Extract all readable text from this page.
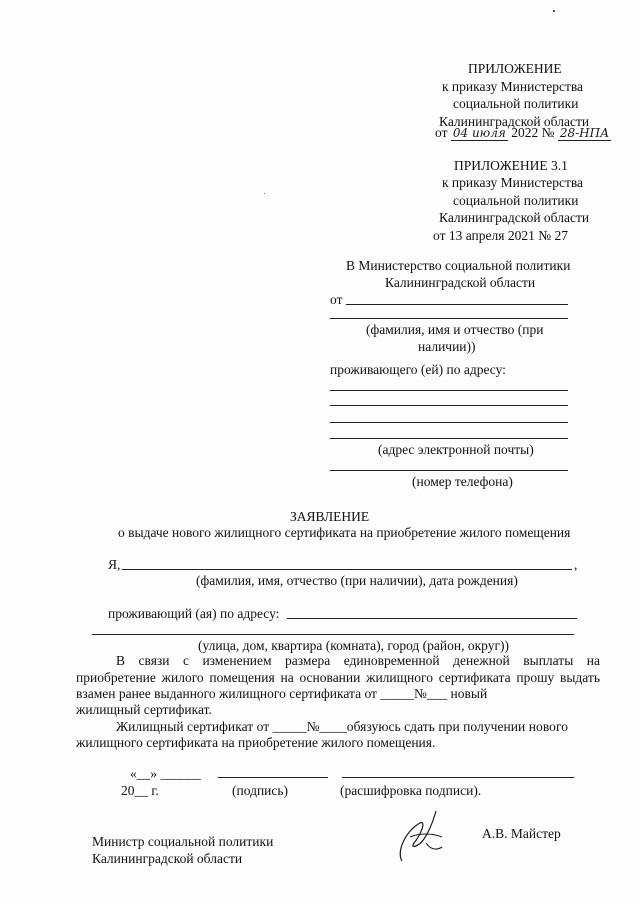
ПРИЛОЖЕНИЕ
к приказу Министерства
социальной политики
Калининградской области
от 04 июля 2022 № 28-НПА
ПРИЛОЖЕНИЕ 3.1
к приказу Министерства
социальной политики
Калининградской области
от 13 апреля 2021 № 27
В Министерство социальной политики
Калининградской области
от
(фамилия, имя и отчество (при
наличии))
проживающего (ей) по адресу:
(адрес электронной почты)
(номер телефона)
ЗАЯВЛЕНИЕ
о выдаче нового жилищного сертификата на приобретение жилого помещения
Я,	,
(фамилия, имя, отчество (при наличии), дата рождения)
проживающий (ая) по адресу:
(улица, дом, квартира (комната), город (район, округ))
В связи с изменением размера единовременной денежной выплаты на приобретение жилого помещения на основании жилищного сертификата прошу выдать взамен ранее выданного жилищного сертификата от _____№___ новый
жилищный сертификат.
Жилищный сертификат от _____№____обязуюсь сдать при получении нового
жилищного сертификата на приобретение жилого помещения.
«__» ______
20__ г.	(подпись)	(расшифровка подписи).
Министр социальной политики
Калининградской области
А.В. Майстер
